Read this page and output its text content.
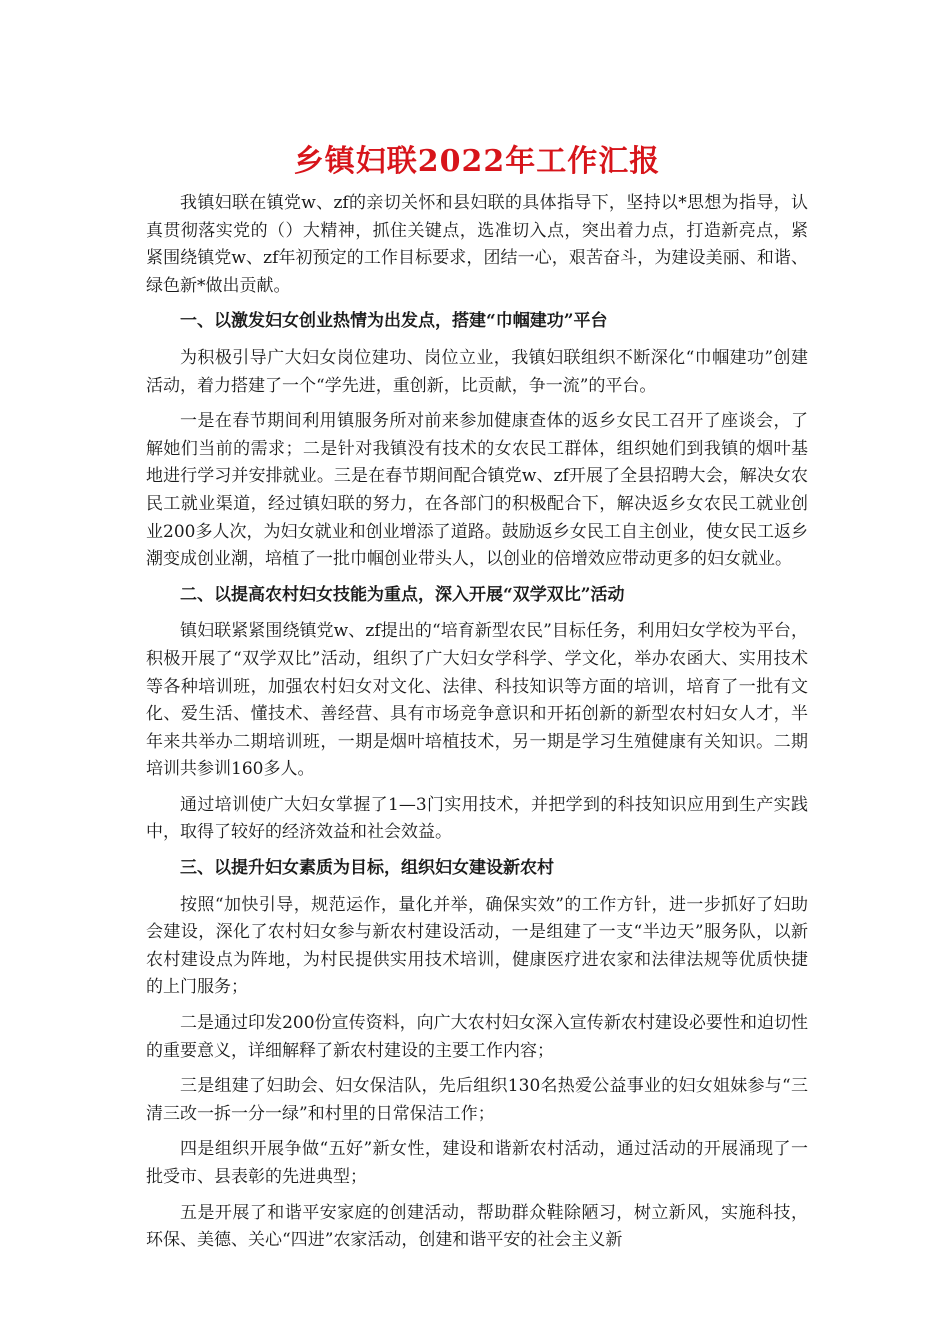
乡镇妇联2022年工作汇报

我镇妇联在镇党w、zf的亲切关怀和县妇联的具体指导下，坚持以*思想为指导，认真贯彻落实党的（）大精神，抓住关键点，选准切入点，突出着力点，打造新亮点，紧紧围绕镇党w、zf年初预定的工作目标要求，团结一心，艰苦奋斗，为建设美丽、和谐、绿色新*做出贡献。

一、以激发妇女创业热情为出发点，搭建“巾帼建功”平台

为积极引导广大妇女岗位建功、岗位立业，我镇妇联组织不断深化“巾帼建功”创建活动，着力搭建了一个“学先进，重创新，比贡献，争一流”的平台。

一是在春节期间利用镇服务所对前来参加健康查体的返乡女民工召开了座谈会，了解她们当前的需求；二是针对我镇没有技术的女农民工群体，组织她们到我镇的烟叶基地进行学习并安排就业。三是在春节期间配合镇党w、zf开展了全县招聘大会，解决女农民工就业渠道，经过镇妇联的努力，在各部门的积极配合下，解决返乡女农民工就业创业200多人次，为妇女就业和创业增添了道路。鼓励返乡女民工自主创业，使女民工返乡潮变成创业潮，培植了一批巾帼创业带头人，以创业的倍增效应带动更多的妇女就业。

二、以提高农村妇女技能为重点，深入开展“双学双比”活动

镇妇联紧紧围绕镇党w、zf提出的“培育新型农民”目标任务，利用妇女学校为平台，积极开展了“双学双比”活动，组织了广大妇女学科学、学文化，举办农函大、实用技术等各种培训班，加强农村妇女对文化、法律、科技知识等方面的培训，培育了一批有文化、爱生活、懂技术、善经营、具有市场竞争意识和开拓创新的新型农村妇女人才，半年来共举办二期培训班，一期是烟叶培植技术，另一期是学习生殖健康有关知识。二期培训共参训160多人。

通过培训使广大妇女掌握了1—3门实用技术，并把学到的科技知识应用到生产实践中，取得了较好的经济效益和社会效益。

三、以提升妇女素质为目标，组织妇女建设新农村

按照“加快引导，规范运作，量化并举，确保实效”的工作方针，进一步抓好了妇助会建设，深化了农村妇女参与新农村建设活动，一是组建了一支“半边天”服务队，以新农村建设点为阵地，为村民提供实用技术培训，健康医疗进农家和法律法规等优质快捷的上门服务；

二是通过印发200份宣传资料，向广大农村妇女深入宣传新农村建设必要性和迫切性的重要意义，详细解释了新农村建设的主要工作内容；

三是组建了妇助会、妇女保洁队，先后组织130名热爱公益事业的妇女姐妹参与“三清三改一拆一分一绿”和村里的日常保洁工作；

四是组织开展争做“五好”新女性，建设和谐新农村活动，通过活动的开展涌现了一批受市、县表彰的先进典型；

五是开展了和谐平安家庭的创建活动，帮助群众鞋除陋习，树立新风，实施科技，环保、美德、关心“四进”农家活动，创建和谐平安的社会主义新
